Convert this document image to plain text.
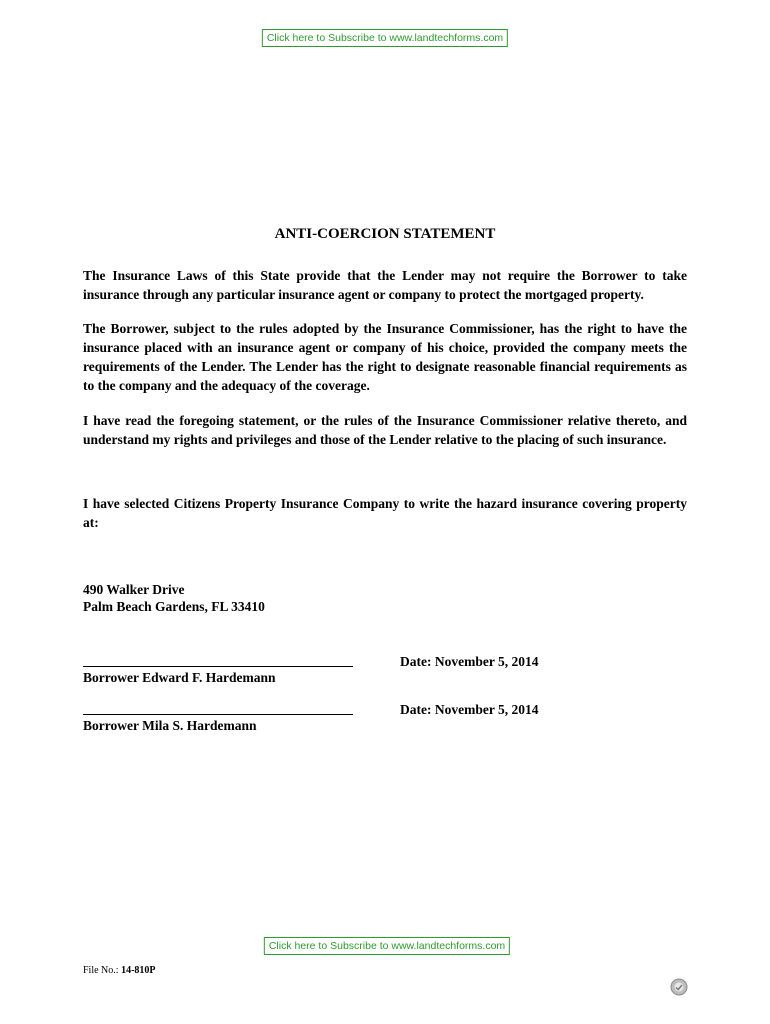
Click here to Subscribe to www.landtechforms.com
ANTI-COERCION STATEMENT

The Insurance Laws of this State provide that the Lender may not require the Borrower to take insurance through any particular insurance agent or company to protect the mortgaged property.

The Borrower, subject to the rules adopted by the Insurance Commissioner, has the right to have the insurance placed with an insurance agent or company of his choice, provided the company meets the requirements of the Lender. The Lender has the right to designate reasonable financial requirements as to the company and the adequacy of the coverage.

I have read the foregoing statement, or the rules of the Insurance Commissioner relative thereto, and understand my rights and privileges and those of the Lender relative to the placing of such insurance.

I have selected Citizens Property Insurance Company to write the hazard insurance covering property at:

490 Walker Drive
Palm Beach Gardens, FL 33410
Borrower Edward F. Hardemann
Date: November 5, 2014
Borrower Mila S. Hardemann
Date: November 5, 2014
Click here to Subscribe to www.landtechforms.com
File No.: 14-810P
